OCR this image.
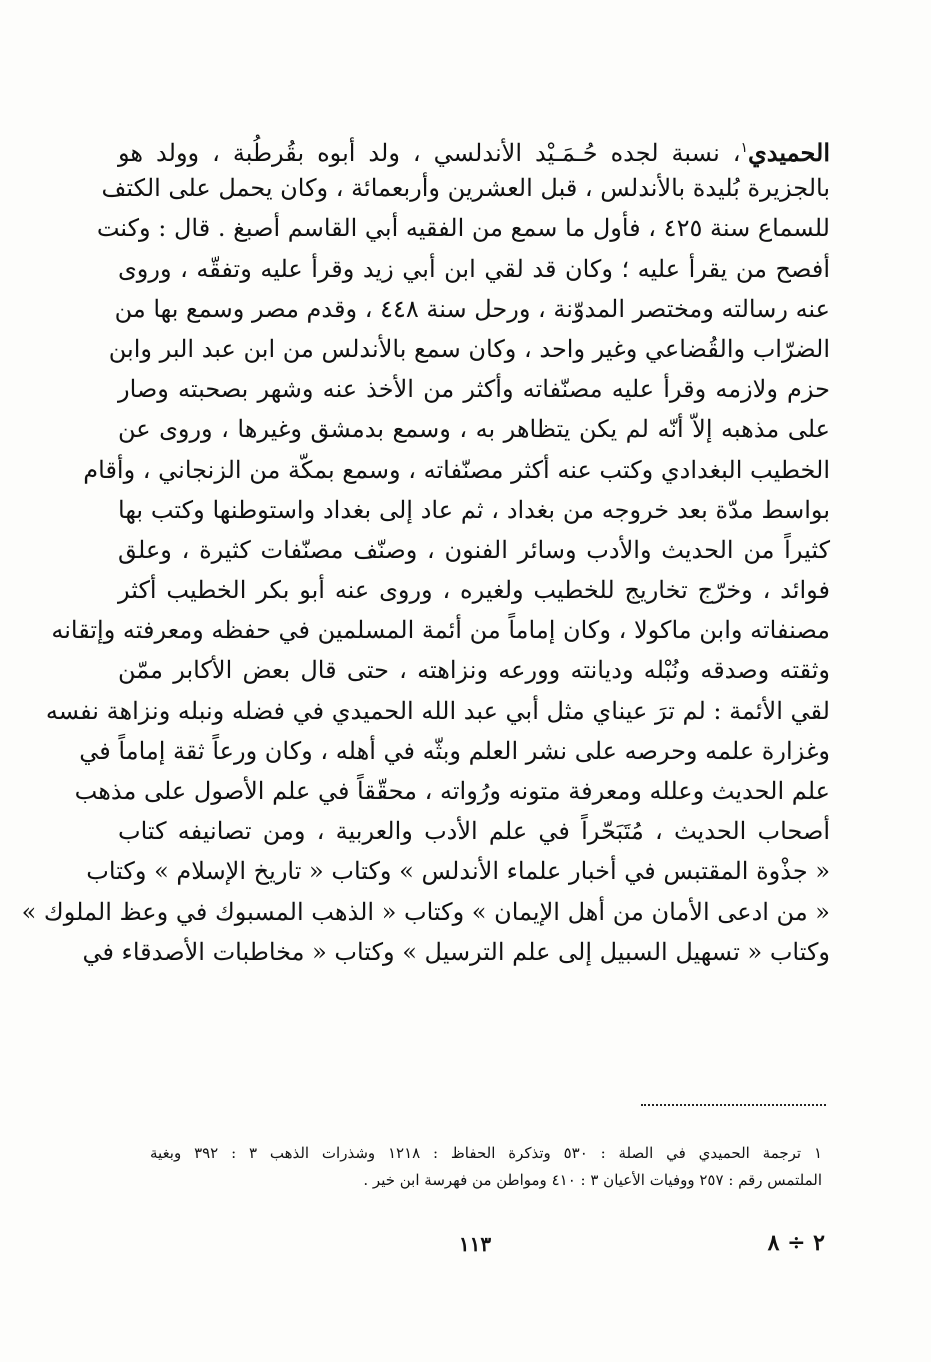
الحميدي$^١$، نسبة لجده حُـمَـيْد الأندلسي ، ولد أبوه بقُرطُبة ، وولد هو
بالجزيرة بُليدة بالأندلس ، قبل العشرين وأربعمائة ، وكان يحمل على الكتف
للسماع سنة ٤٢٥ ، فأول ما سمع من الفقيه أبي القاسم أصبغ . قال : وكنت
أفصح من يقرأ عليه ؛ وكان قد لقي ابن أبي زيد وقرأ عليه وتفقّه ، وروى
عنه رسالته ومختصر المدوّنة ، ورحل سنة ٤٤٨ ، وقدم مصر وسمع بها من
الضرّاب والقُضاعي وغير واحد ، وكان سمع بالأندلس من ابن عبد البر وابن
حزم ولازمه وقرأ عليه مصنّفاته وأكثر من الأخذ عنه وشهر بصحبته وصار
على مذهبه إلاّ أنّه لم يكن يتظاهر به ، وسمع بدمشق وغيرها ، وروى عن
الخطيب البغدادي وكتب عنه أكثر مصنّفاته ، وسمع بمكّة من الزنجاني ، وأقام
بواسط مدّة بعد خروجه من بغداد ، ثم عاد إلى بغداد واستوطنها وكتب بها
كثيراً من الحديث والأدب وسائر الفنون ، وصنّف مصنّفات كثيرة ، وعلق
فوائد ، وخرّج تخاريج للخطيب ولغيره ، وروى عنه أبو بكر الخطيب أكثر
مصنفاته وابن ماكولا ، وكان إماماً من أئمة المسلمين في حفظه ومعرفته وإتقانه
وثقته وصدقه ونُبْله وديانته وورعه ونزاهته ، حتى قال بعض الأكابر ممّن
لقي الأئمة : لم ترَ عيناي مثل أبي عبد الله الحميدي في فضله ونبله ونزاهة نفسه
وغزارة علمه وحرصه على نشر العلم وبثّه في أهله ، وكان ورعاً ثقة إماماً في
علم الحديث وعلله ومعرفة متونه ورُواته ، محقّقاً في علم الأصول على مذهب
أصحاب الحديث ، مُتَبَحّراً في علم الأدب والعربية ، ومن تصانيفه كتاب
« جذْوة المقتبس في أخبار علماء الأندلس » وكتاب « تاريخ الإسلام » وكتاب
« من ادعى الأمان من أهل الإيمان » وكتاب « الذهب المسبوك في وعظ الملوك »
وكتاب « تسهيل السبيل إلى علم الترسيل » وكتاب « مخاطبات الأصدقاء في
١ ترجمة الحميدي في الصلة : ٥٣٠ وتذكرة الحفاظ : ١٢١٨ وشذرات الذهب ٣ : ٣٩٢ وبغية
الملتمس رقم : ٢٥٧ ووفيات الأعيان ٣ : ٤١٠ ومواطن من فهرسة ابن خير .
١١٣	٢ ÷ ٨
